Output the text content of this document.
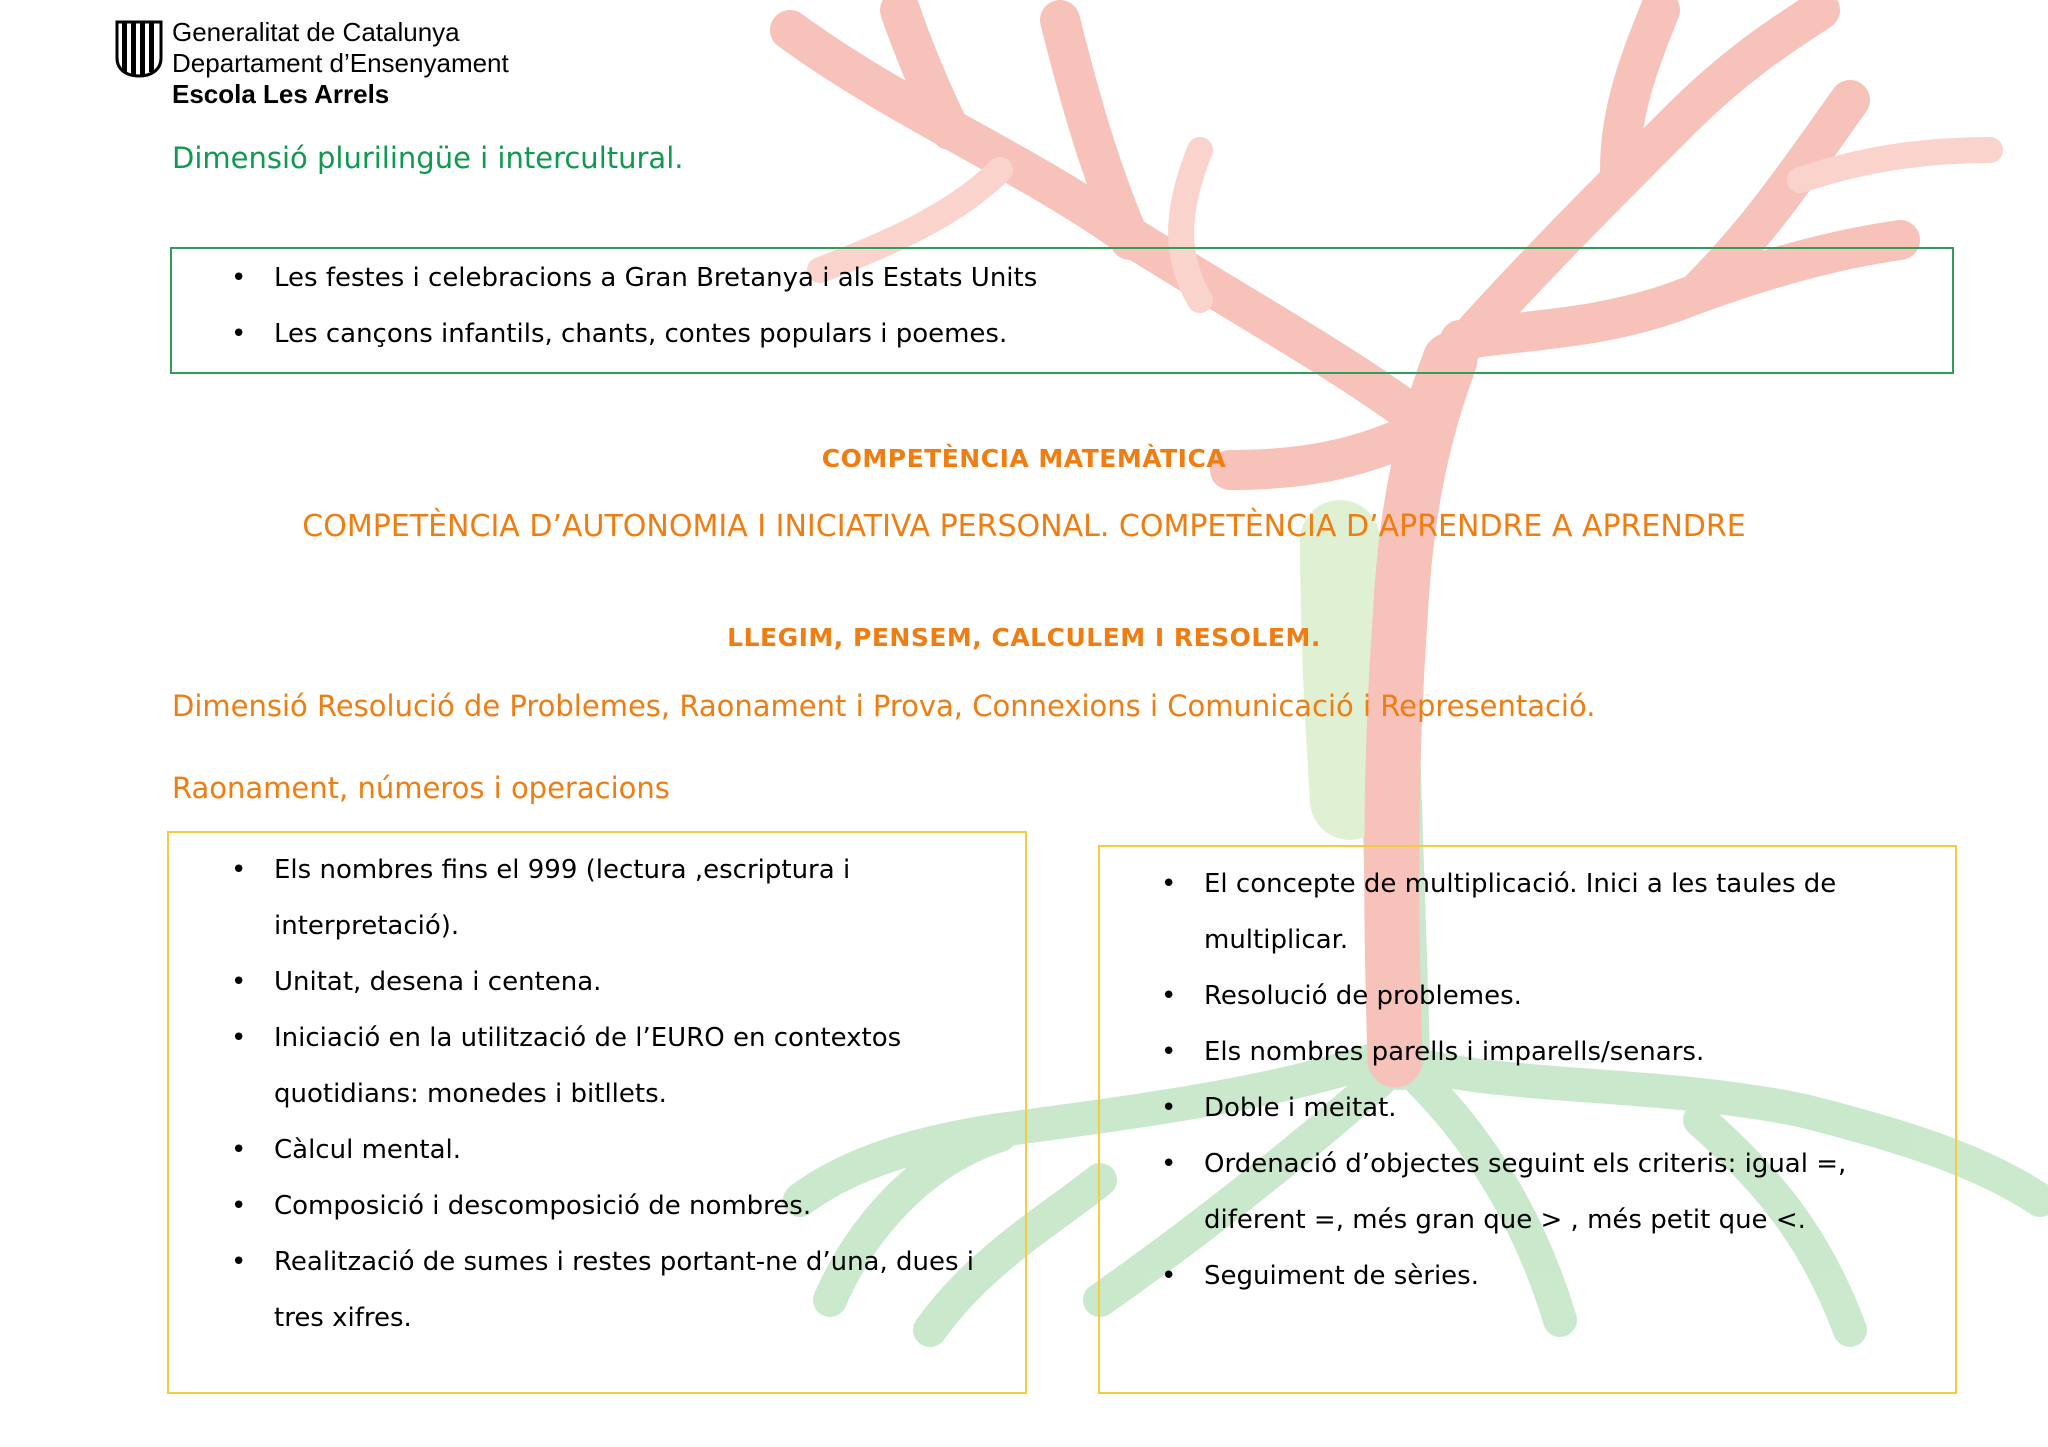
Generalitat de Catalunya
Departament d’Ensenyament
Escola Les Arrels
Dimensió plurilingüe i intercultural.
• Les festes i celebracions a Gran Bretanya i als Estats Units
• Les cançons infantils, chants, contes populars i poemes.
COMPETÈNCIA MATEMÀTICA
COMPETÈNCIA D’AUTONOMIA I INICIATIVA PERSONAL. COMPETÈNCIA D’APRENDRE A APRENDRE
LLEGIM, PENSEM, CALCULEM I RESOLEM.
Dimensió Resolució de Problemes, Raonament i Prova, Connexions i Comunicació i Representació.
Raonament, números i operacions
• Els nombres fins el 999 (lectura ,escriptura i interpretació).
• Unitat, desena i centena.
• Iniciació en la utilització de l’EURO en contextos quotidians: monedes i bitllets.
• Càlcul mental.
• Composició i descomposició de nombres.
• Realització de sumes i restes portant-ne d’una, dues i tres xifres.
• El concepte de multiplicació. Inici a les taules de multiplicar.
• Resolució de problemes.
• Els nombres parells i imparells/senars.
• Doble i meitat.
• Ordenació d’objectes seguint els criteris: igual =, diferent =, més gran que > , més petit que <.
• Seguiment de sèries.
